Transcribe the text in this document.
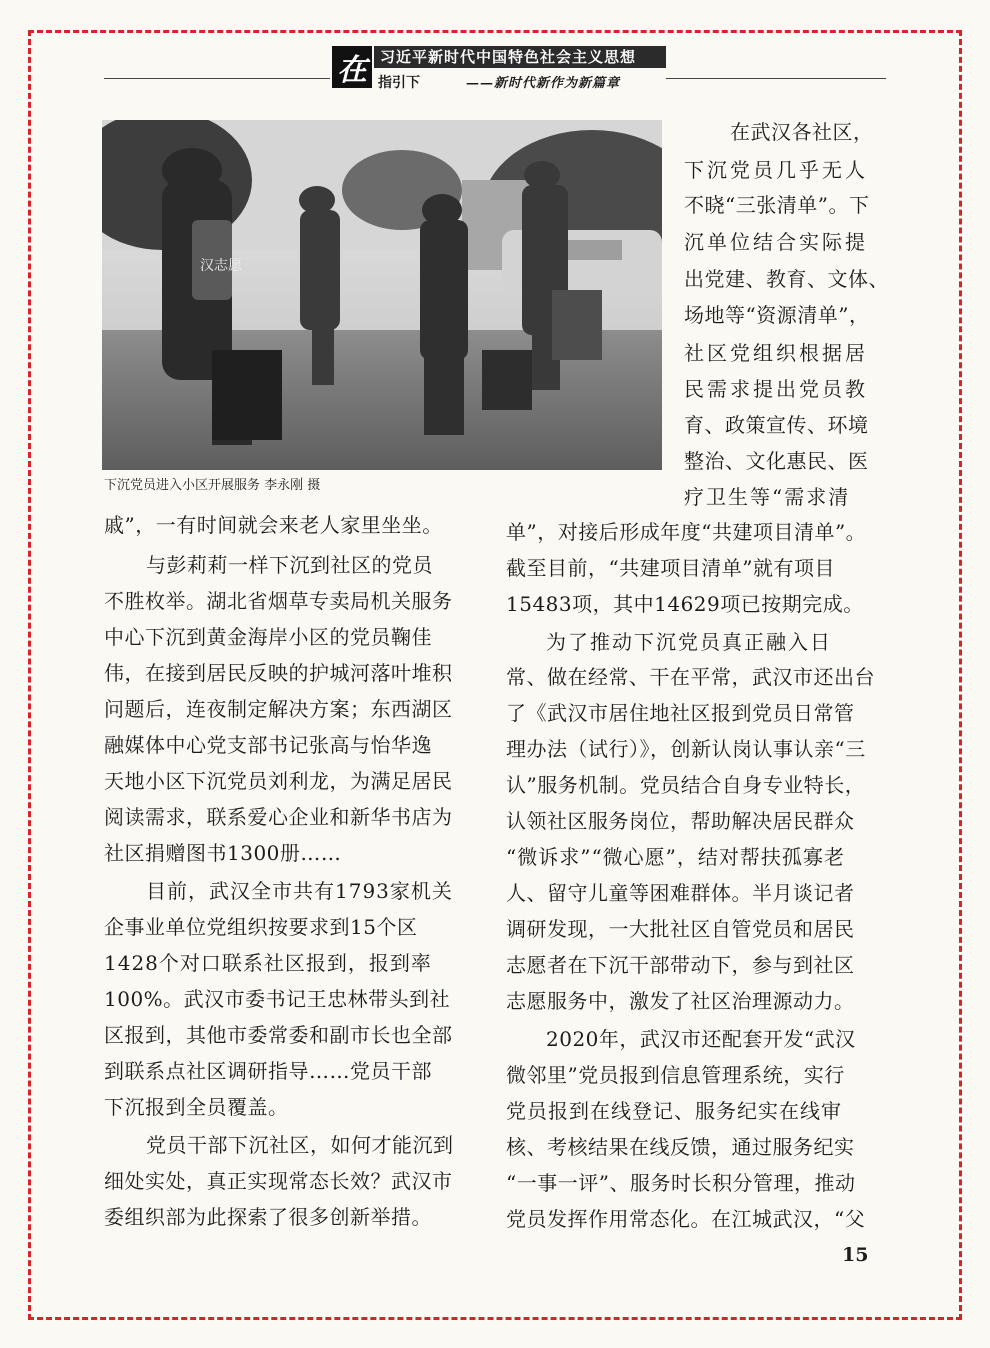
在 习近平新时代中国特色社会主义思想
指引下	——新时代新作为新篇章
汉志愿
下沉党员进入小区开展服务 李永刚 摄
在武汉各社区，
下沉党员几乎无人
不晓“三张清单”。下
沉单位结合实际提
出党建、教育、文体、
场地等“资源清单”，
社区党组织根据居
民需求提出党员教
育、政策宣传、环境
整治、文化惠民、医
疗卫生等“需求清
单”，对接后形成年度“共建项目清单”。
截至目前，“共建项目清单”就有项目
15483项，其中14629项已按期完成。
为了推动下沉党员真正融入日
常、做在经常、干在平常，武汉市还出台
了《武汉市居住地社区报到党员日常管
理办法（试行）》，创新认岗认事认亲“三
认”服务机制。党员结合自身专业特长，
认领社区服务岗位，帮助解决居民群众
“微诉求”“微心愿”，结对帮扶孤寡老
人、留守儿童等困难群体。半月谈记者
调研发现，一大批社区自管党员和居民
志愿者在下沉干部带动下，参与到社区
志愿服务中，激发了社区治理源动力。
2020年，武汉市还配套开发“武汉
微邻里”党员报到信息管理系统，实行
党员报到在线登记、服务纪实在线审
核、考核结果在线反馈，通过服务纪实
“一事一评”、服务时长积分管理，推动
党员发挥作用常态化。在江城武汉，“父
戚”，一有时间就会来老人家里坐坐。
与彭莉莉一样下沉到社区的党员
不胜枚举。湖北省烟草专卖局机关服务
中心下沉到黄金海岸小区的党员鞠佳
伟，在接到居民反映的护城河落叶堆积
问题后，连夜制定解决方案；东西湖区
融媒体中心党支部书记张高与怡华逸
天地小区下沉党员刘利龙，为满足居民
阅读需求，联系爱心企业和新华书店为
社区捐赠图书1300册……
目前，武汉全市共有1793家机关
企事业单位党组织按要求到15个区
1428个对口联系社区报到，报到率
100%。武汉市委书记王忠林带头到社
区报到，其他市委常委和副市长也全部
到联系点社区调研指导……党员干部
下沉报到全员覆盖。
党员干部下沉社区，如何才能沉到
细处实处，真正实现常态长效？武汉市
委组织部为此探索了很多创新举措。
15
